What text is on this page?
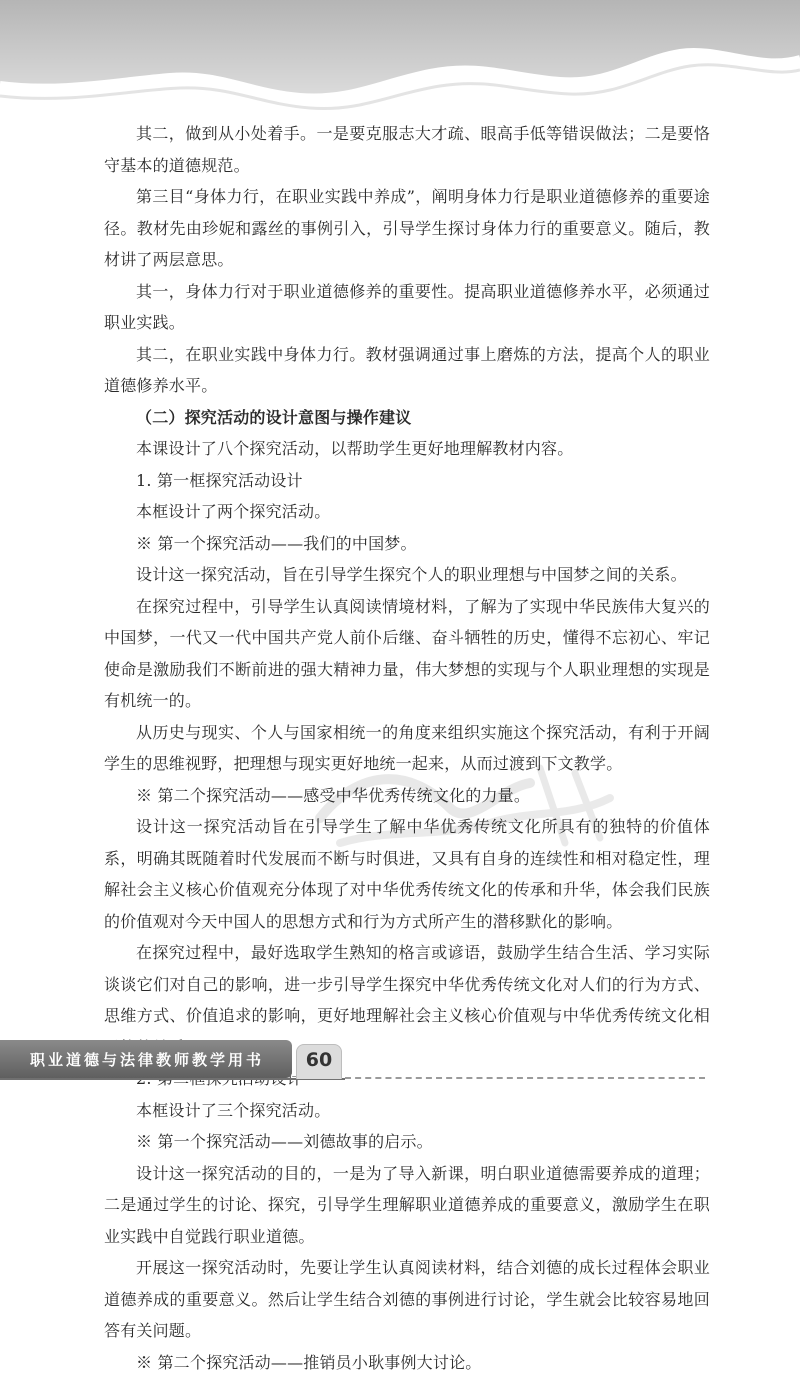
其二，做到从小处着手。一是要克服志大才疏、眼高手低等错误做法；二是要恪守基本的道德规范。

第三目“身体力行，在职业实践中养成”，阐明身体力行是职业道德修养的重要途径。教材先由珍妮和露丝的事例引入，引导学生探讨身体力行的重要意义。随后，教材讲了两层意思。

其一，身体力行对于职业道德修养的重要性。提高职业道德修养水平，必须通过职业实践。

其二，在职业实践中身体力行。教材强调通过事上磨炼的方法，提高个人的职业道德修养水平。

（二）探究活动的设计意图与操作建议

本课设计了八个探究活动，以帮助学生更好地理解教材内容。

1. 第一框探究活动设计

本框设计了两个探究活动。

※ 第一个探究活动——我们的中国梦。

设计这一探究活动，旨在引导学生探究个人的职业理想与中国梦之间的关系。

在探究过程中，引导学生认真阅读情境材料，了解为了实现中华民族伟大复兴的中国梦，一代又一代中国共产党人前仆后继、奋斗牺牲的历史，懂得不忘初心、牢记使命是激励我们不断前进的强大精神力量，伟大梦想的实现与个人职业理想的实现是有机统一的。

从历史与现实、个人与国家相统一的角度来组织实施这个探究活动，有利于开阔学生的思维视野，把理想与现实更好地统一起来，从而过渡到下文教学。

※ 第二个探究活动——感受中华优秀传统文化的力量。

设计这一探究活动旨在引导学生了解中华优秀传统文化所具有的独特的价值体系，明确其既随着时代发展而不断与时俱进，又具有自身的连续性和相对稳定性，理解社会主义核心价值观充分体现了对中华优秀传统文化的传承和升华，体会我们民族的价值观对今天中国人的思想方式和行为方式所产生的潜移默化的影响。

在探究过程中，最好选取学生熟知的格言或谚语，鼓励学生结合生活、学习实际谈谈它们对自己的影响，进一步引导学生探究中华优秀传统文化对人们的行为方式、思维方式、价值追求的影响，更好地理解社会主义核心价值观与中华优秀传统文化相

本框设计了三个探究活动。

※ 第一个探究活动——刘德故事的启示。

设计这一探究活动的目的，一是为了导入新课，明白职业道德需要养成的道理；二是通过学生的讨论、探究，引导学生理解职业道德养成的重要意义，激励学生在职业实践中自觉践行职业道德。

开展这一探究活动时，先要让学生认真阅读材料，结合刘德的成长过程体会职业道德养成的重要意义。然后让学生结合刘德的事例进行讨论，学生就会比较容易地回答有关问题。

※ 第二个探究活动——推销员小耿事例大讨论。

职业道德与法律教师教学用书	60
